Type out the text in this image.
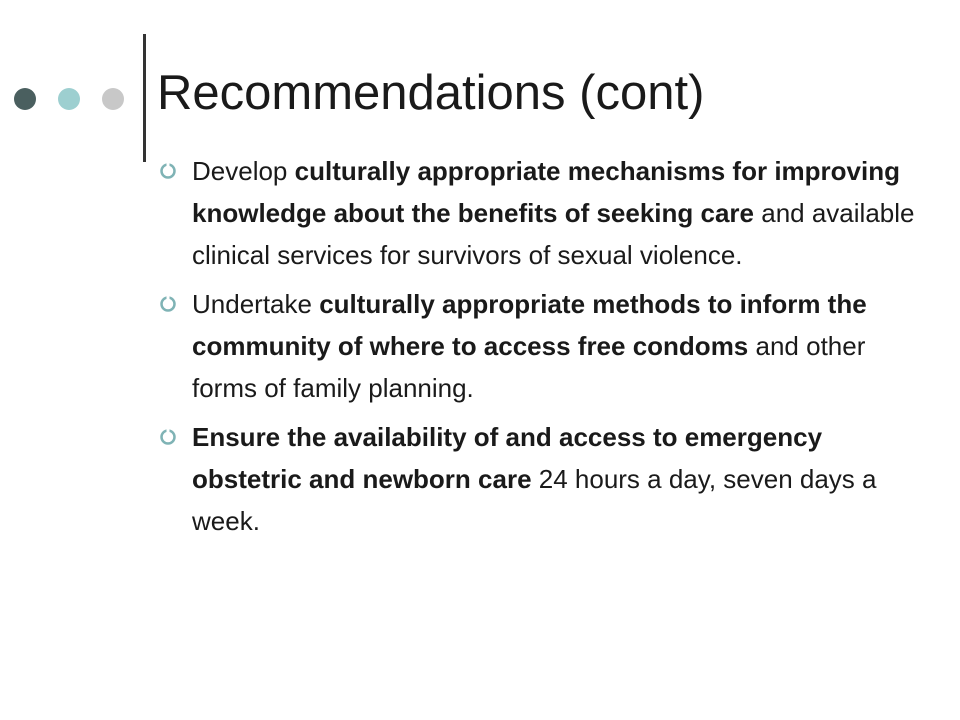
Recommendations (cont)
Develop culturally appropriate mechanisms for improving knowledge about the benefits of seeking care and available clinical services for survivors of sexual violence.
Undertake culturally appropriate methods to inform the community of where to access free condoms and other forms of family planning.
Ensure the availability of and access to emergency obstetric and newborn care 24 hours a day, seven days a week.
